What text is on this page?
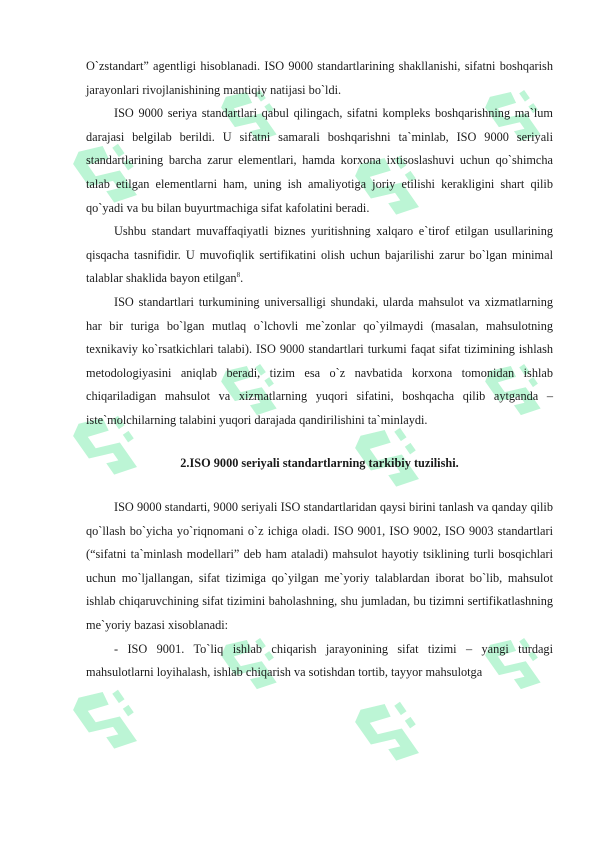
O`zstandart” agentligi hisoblanadi. ISO 9000 standartlarining shakllanishi, sifatni boshqarish jarayonlari rivojlanishining mantiqiy natijasi bo`ldi.

ISO 9000 seriya standartlari qabul qilingach, sifatni kompleks boshqarishning ma`lum darajasi belgilab berildi. U sifatni samarali boshqarishni ta`minlab, ISO 9000 seriyali standartlarining barcha zarur elementlari, hamda korxona ixtisoslashuvi uchun qo`shimcha talab etilgan elementlarni ham, uning ish amaliyotiga joriy etilishi kerakligini shart qilib qo`yadi va bu bilan buyurtmachiga sifat kafolatini beradi.

Ushbu standart muvaffaqiyatli biznes yuritishning xalqaro e`tirof etilgan usullarining qisqacha tasnifidir. U muvofiqlik sertifikatini olish uchun bajarilishi zarur bo`lgan minimal talablar shaklida bayon etilgan$^8$.

ISO standartlari turkumining universalligi shundaki, ularda mahsulot va xizmatlarning har bir turiga bo`lgan mutlaq o`lchovli me`zonlar qo`yilmaydi (masalan, mahsulotning texnikaviy ko`rsatkichlari talabi). ISO 9000 standartlari turkumi faqat sifat tizimining ishlash metodologiyasini aniqlab beradi, tizim esa o`z navbatida korxona tomonidan ishlab chiqariladigan mahsulot va xizmatlarning yuqori sifatini, boshqacha qilib aytganda – iste`molchilarning talabini yuqori darajada qandirilishini ta`minlaydi.

2.ISO 9000 seriyali standartlarning tarkibiy tuzilishi.

ISO 9000 standarti, 9000 seriyali ISO standartlaridan qaysi birini tanlash va qanday qilib qo`llash bo`yicha yo`riqnomani o`z ichiga oladi. ISO 9001, ISO 9002, ISO 9003 standartlari (“sifatni ta`minlash modellari” deb ham ataladi) mahsulot hayotiy tsiklining turli bosqichlari uchun mo`ljallangan, sifat tizimiga qo`yilgan me`yoriy talablardan iborat bo`lib, mahsulot ishlab chiqaruvchining sifat tizimini baholashning, shu jumladan, bu tizimni sertifikatlashning me`yoriy bazasi xisoblanadi:

- ISO 9001. To`liq ishlab chiqarish jarayonining sifat tizimi – yangi turdagi mahsulotlarni loyihalash, ishlab chiqarish va sotishdan tortib, tayyor mahsulotga
